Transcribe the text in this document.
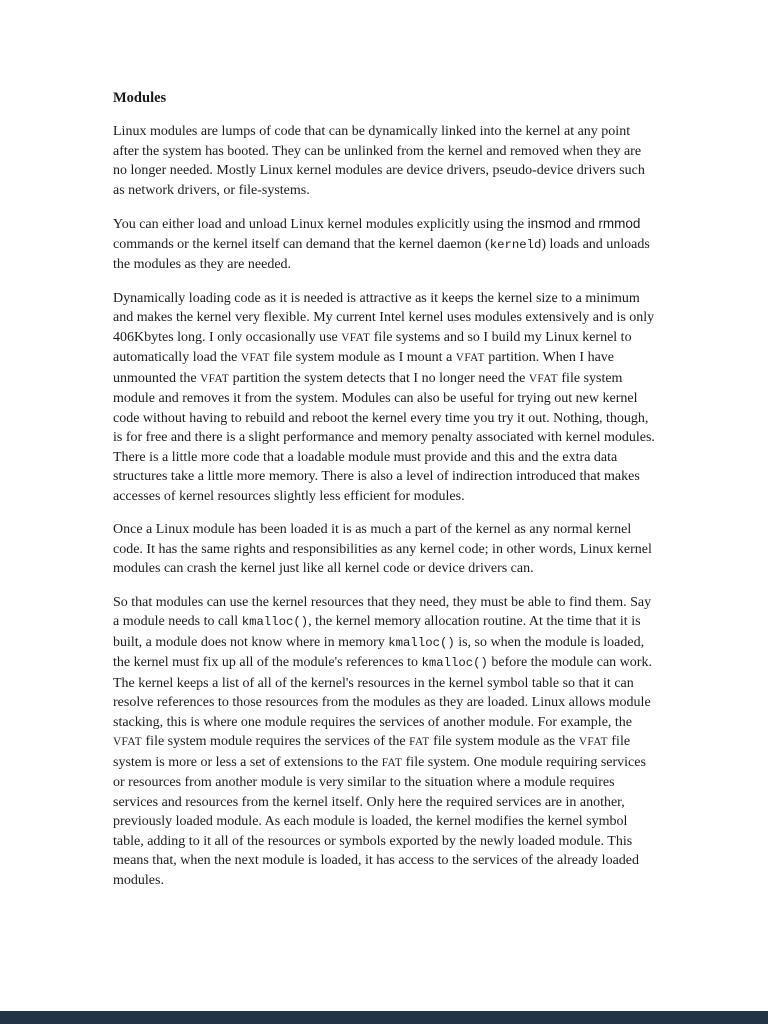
Modules

Linux modules are lumps of code that can be dynamically linked into the kernel at any point after the system has booted. They can be unlinked from the kernel and removed when they are no longer needed. Mostly Linux kernel modules are device drivers, pseudo-device drivers such as network drivers, or file-systems.

You can either load and unload Linux kernel modules explicitly using the insmod and rmmod commands or the kernel itself can demand that the kernel daemon (kerneld) loads and unloads the modules as they are needed.

Dynamically loading code as it is needed is attractive as it keeps the kernel size to a minimum and makes the kernel very flexible. My current Intel kernel uses modules extensively and is only 406Kbytes long. I only occasionally use VFAT file systems and so I build my Linux kernel to automatically load the VFAT file system module as I mount a VFAT partition. When I have unmounted the VFAT partition the system detects that I no longer need the VFAT file system module and removes it from the system. Modules can also be useful for trying out new kernel code without having to rebuild and reboot the kernel every time you try it out. Nothing, though, is for free and there is a slight performance and memory penalty associated with kernel modules. There is a little more code that a loadable module must provide and this and the extra data structures take a little more memory. There is also a level of indirection introduced that makes accesses of kernel resources slightly less efficient for modules.

Once a Linux module has been loaded it is as much a part of the kernel as any normal kernel code. It has the same rights and responsibilities as any kernel code; in other words, Linux kernel modules can crash the kernel just like all kernel code or device drivers can.

So that modules can use the kernel resources that they need, they must be able to find them. Say a module needs to call kmalloc(), the kernel memory allocation routine. At the time that it is built, a module does not know where in memory kmalloc() is, so when the module is loaded, the kernel must fix up all of the module's references to kmalloc() before the module can work. The kernel keeps a list of all of the kernel's resources in the kernel symbol table so that it can resolve references to those resources from the modules as they are loaded. Linux allows module stacking, this is where one module requires the services of another module. For example, the VFAT file system module requires the services of the FAT file system module as the VFAT file system is more or less a set of extensions to the FAT file system. One module requiring services or resources from another module is very similar to the situation where a module requires services and resources from the kernel itself. Only here the required services are in another, previously loaded module. As each module is loaded, the kernel modifies the kernel symbol table, adding to it all of the resources or symbols exported by the newly loaded module. This means that, when the next module is loaded, it has access to the services of the already loaded modules.
